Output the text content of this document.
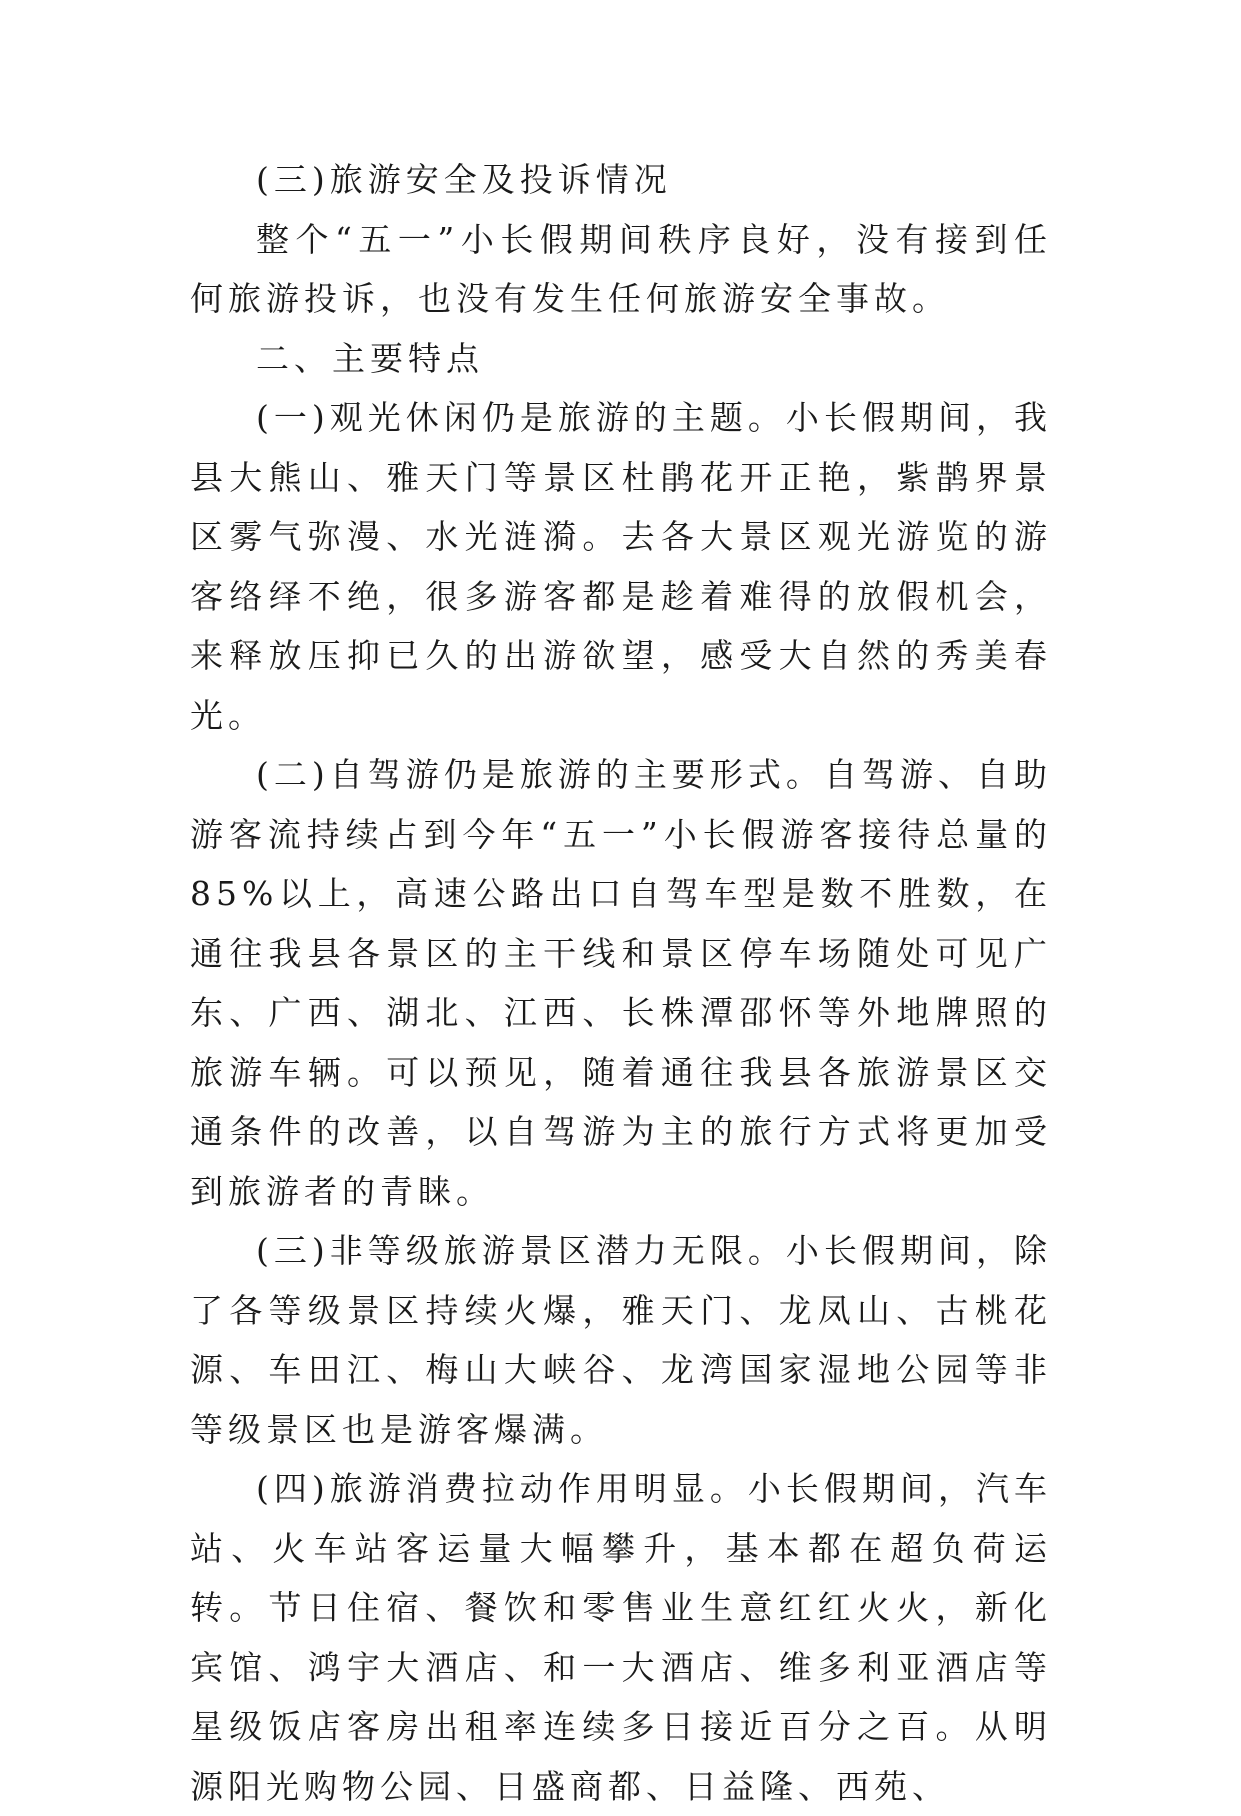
(三)旅游安全及投诉情况

整个“五一”小长假期间秩序良好，没有接到任何旅游投诉，也没有发生任何旅游安全事故。

二、主要特点

(一)观光休闲仍是旅游的主题。小长假期间，我县大熊山、雅天门等景区杜鹃花开正艳，紫鹊界景区雾气弥漫、水光涟漪。去各大景区观光游览的游客络绎不绝，很多游客都是趁着难得的放假机会，来释放压抑已久的出游欲望，感受大自然的秀美春光。

(二)自驾游仍是旅游的主要形式。自驾游、自助游客流持续占到今年“五一”小长假游客接待总量的85%以上，高速公路出口自驾车型是数不胜数，在通往我县各景区的主干线和景区停车场随处可见广东、广西、湖北、江西、长株潭邵怀等外地牌照的旅游车辆。可以预见，随着通往我县各旅游景区交通条件的改善，以自驾游为主的旅行方式将更加受到旅游者的青睐。

(三)非等级旅游景区潜力无限。小长假期间，除了各等级景区持续火爆，雅天门、龙凤山、古桃花源、车田江、梅山大峡谷、龙湾国家湿地公园等非等级景区也是游客爆满。

(四)旅游消费拉动作用明显。小长假期间，汽车站、火车站客运量大幅攀升，基本都在超负荷运转。节日住宿、餐饮和零售业生意红红火火，新化宾馆、鸿宇大酒店、和一大酒店、维多利亚酒店等星级饭店客房出租率连续多日接近百分之百。从明源阳光购物公园、日盛商都、日益隆、西苑、
